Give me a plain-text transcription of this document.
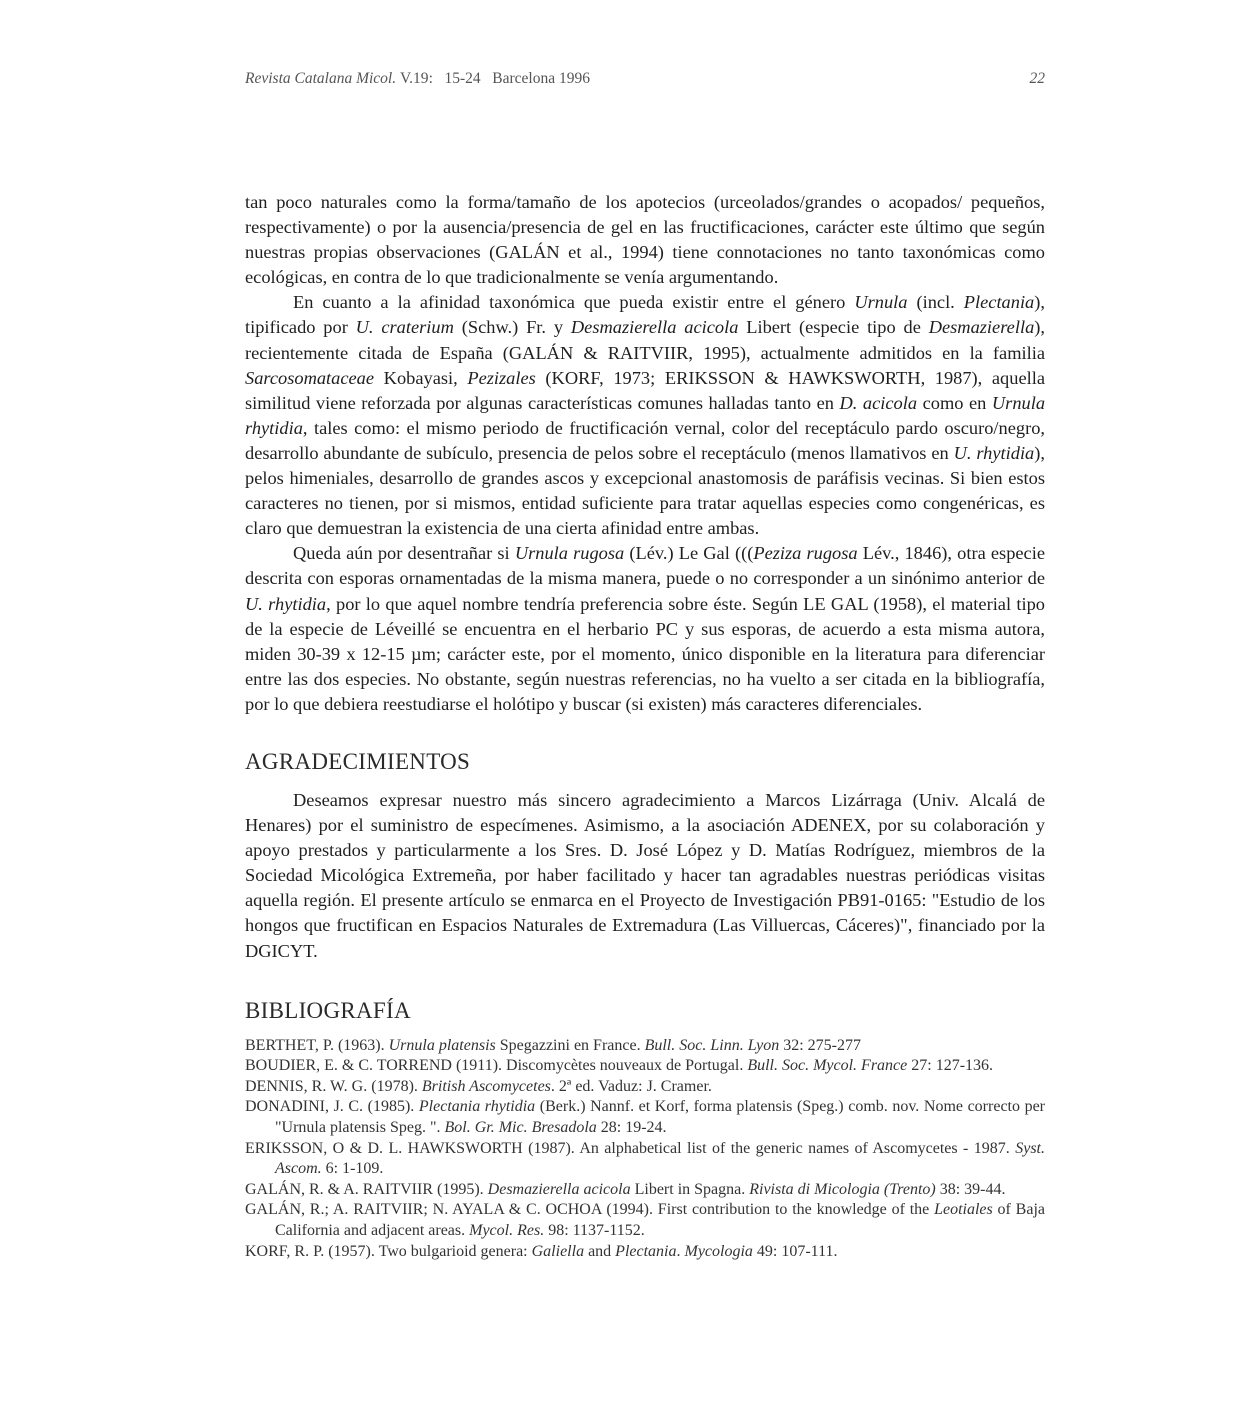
Revista Catalana Micol. V.19:   15-24 Barcelona 1996	22

tan poco naturales como la forma/tamaño de los apotecios (urceolados/grandes o acopados/ pequeños, respectivamente) o por la ausencia/presencia de gel en las fructificaciones, carácter este último que según nuestras propias observaciones (GALÁN et al., 1994) tiene connotaciones no tanto taxonómicas como ecológicas, en contra de lo que tradicionalmente se venía argumentando.

En cuanto a la afinidad taxonómica que pueda existir entre el género Urnula (incl. Plectania), tipificado por U. craterium (Schw.) Fr. y Desmazierella acicola Libert (especie tipo de Desmazierella), recientemente citada de España (GALÁN & RAITVIIR, 1995), actualmente admitidos en la familia Sarcosomataceae Kobayasi, Pezizales (KORF, 1973; ERIKSSON & HAWKSWORTH, 1987), aquella similitud viene reforzada por algunas características comunes halladas tanto en D. acicola como en Urnula rhytidia, tales como: el mismo periodo de fructificación vernal, color del receptáculo pardo oscuro/negro, desarrollo abundante de subículo, presencia de pelos sobre el receptáculo (menos llamativos en U. rhytidia), pelos himeniales, desarrollo de grandes ascos y excepcional anastomosis de paráfisis vecinas. Si bien estos caracteres no tienen, por si mismos, entidad suficiente para tratar aquellas especies como congenéricas, es claro que demuestran la existencia de una cierta afinidad entre ambas.

Queda aún por desentrañar si Urnula rugosa (Lév.) Le Gal (((Peziza rugosa Lév., 1846), otra especie descrita con esporas ornamentadas de la misma manera, puede o no corresponder a un sinónimo anterior de U. rhytidia, por lo que aquel nombre tendría preferencia sobre éste. Según LE GAL (1958), el material tipo de la especie de Léveillé se encuentra en el herbario PC y sus esporas, de acuerdo a esta misma autora, miden 30-39 x 12-15 µm; carácter este, por el momento, único disponible en la literatura para diferenciar entre las dos especies. No obstante, según nuestras referencias, no ha vuelto a ser citada en la bibliografía, por lo que debiera reestudiarse el holótipo y buscar (si existen) más caracteres diferenciales.

AGRADECIMIENTOS

Deseamos expresar nuestro más sincero agradecimiento a Marcos Lizárraga (Univ. Alcalá de Henares) por el suministro de especímenes. Asimismo, a la asociación ADENEX, por su colaboración y apoyo prestados y particularmente a los Sres. D. José López y D. Matías Rodríguez, miembros de la Sociedad Micológica Extremeña, por haber facilitado y hacer tan agradables nuestras periódicas visitas aquella región. El presente artículo se enmarca en el Proyecto de Investigación PB91-0165: "Estudio de los hongos que fructifican en Espacios Naturales de Extremadura (Las Villuercas, Cáceres)", financiado por la DGICYT.

BIBLIOGRAFÍA

BERTHET, P. (1963). Urnula platensis Spegazzini en France. Bull. Soc. Linn. Lyon 32: 275-277

BOUDIER, E. & C. TORREND (1911). Discomycètes nouveaux de Portugal. Bull. Soc. Mycol. France 27: 127-136.

DENNIS, R. W. G. (1978). British Ascomycetes. 2ª ed. Vaduz: J. Cramer.

DONADINI, J. C. (1985). Plectania rhytidia (Berk.) Nannf. et Korf, forma platensis (Speg.) comb. nov. Nome correcto per "Urnula platensis Speg. ". Bol. Gr. Mic. Bresadola 28: 19-24.

ERIKSSON, O & D. L. HAWKSWORTH (1987). An alphabetical list of the generic names of Ascomycetes - 1987. Syst. Ascom. 6: 1-109.

GALÁN, R. & A. RAITVIIR (1995). Desmazierella acicola Libert in Spagna. Rivista di Micologia (Trento) 38: 39-44.

GALÁN, R.; A. RAITVIIR; N. AYALA & C. OCHOA (1994). First contribution to the knowledge of the Leotiales of Baja California and adjacent areas. Mycol. Res. 98: 1137-1152.

KORF, R. P. (1957). Two bulgarioid genera: Galiella and Plectania. Mycologia 49: 107-111.
